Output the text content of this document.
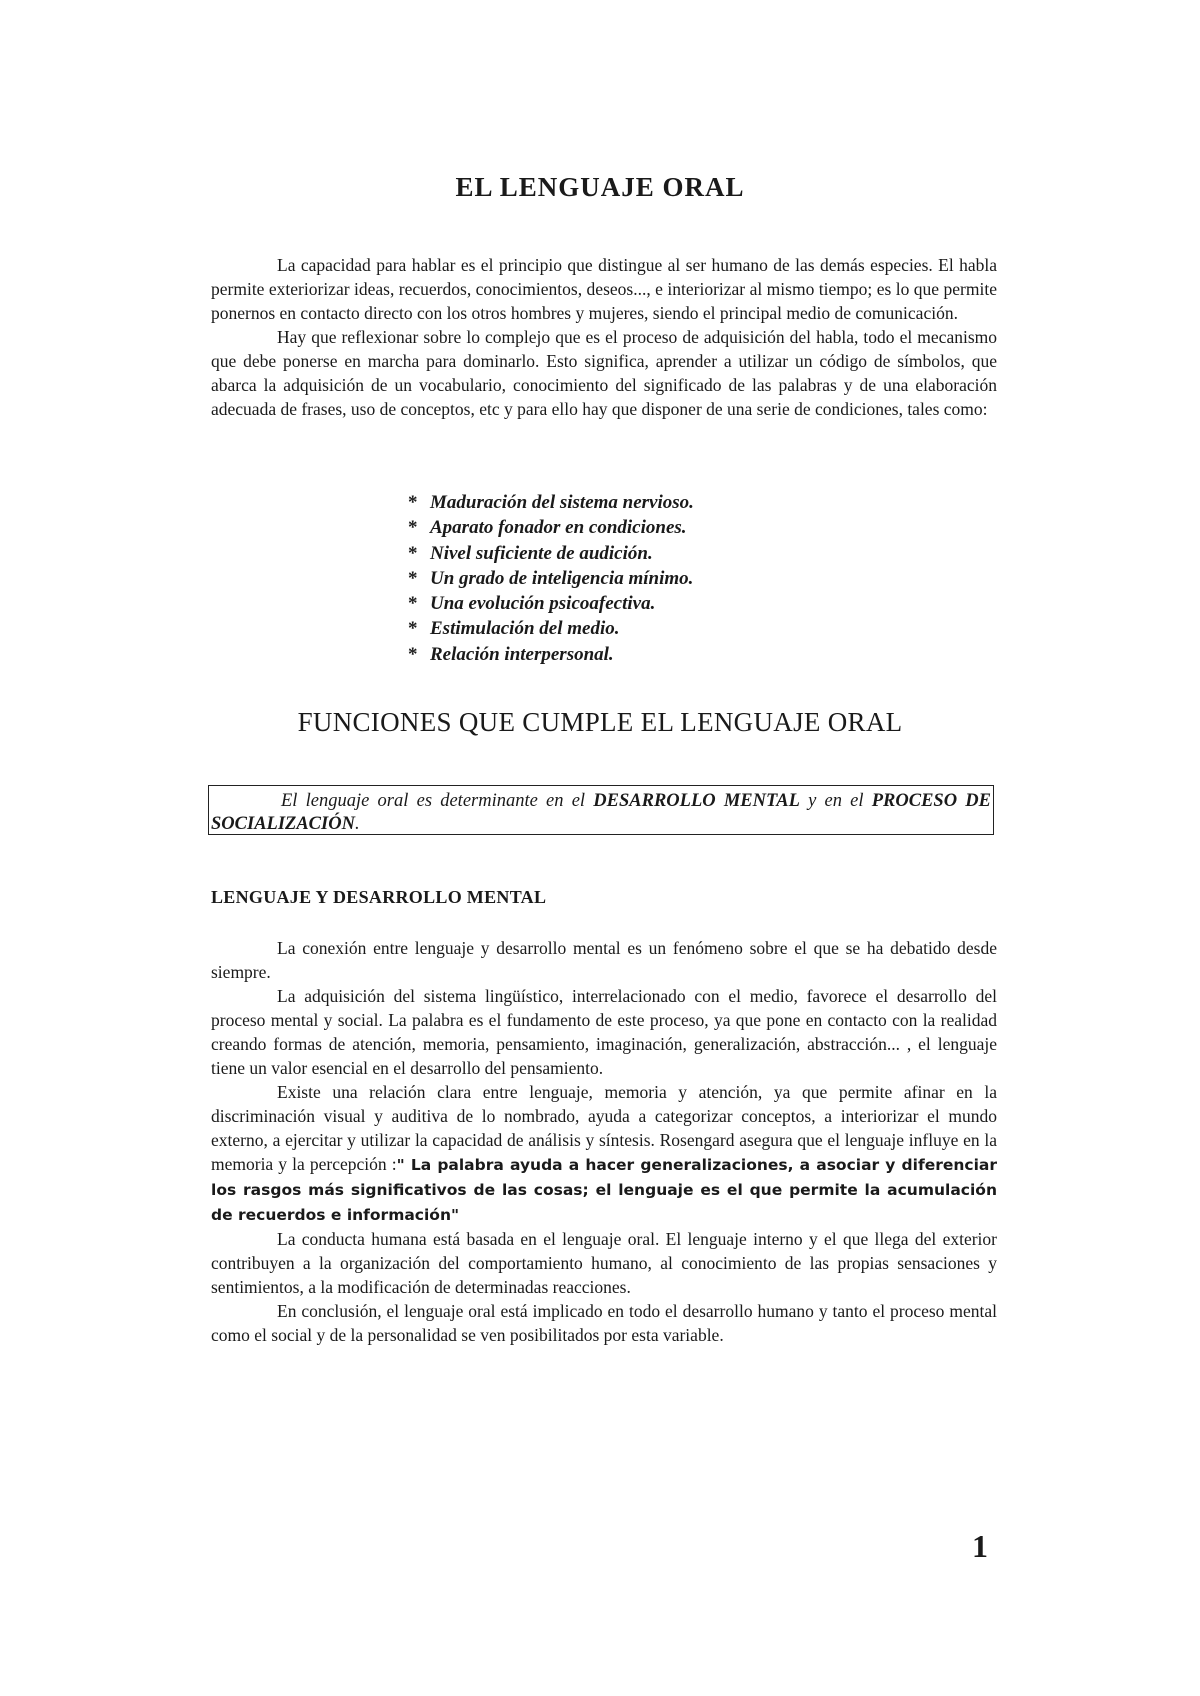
EL LENGUAJE ORAL

La capacidad para hablar es el principio que distingue al ser humano de las demás especies. El habla permite exteriorizar ideas, recuerdos, conocimientos, deseos..., e interiorizar al mismo tiempo; es lo que permite ponernos en contacto directo con los otros hombres y mujeres, siendo el principal medio de comunicación.

Hay que reflexionar sobre lo complejo que es el proceso de adquisición del habla, todo el mecanismo que debe ponerse en marcha para dominarlo. Esto significa, aprender a utilizar un código de símbolos, que abarca la adquisición de un vocabulario, conocimiento del significado de las palabras y de una elaboración adecuada de frases, uso de conceptos, etc y para ello hay que disponer de una serie de condiciones, tales como:

* Maduración del sistema nervioso.
* Aparato fonador en condiciones.
* Nivel suficiente de audición.
* Un grado de inteligencia mínimo.
* Una evolución psicoafectiva.
* Estimulación del medio.
* Relación interpersonal.
FUNCIONES QUE CUMPLE EL LENGUAJE ORAL
El lenguaje oral es determinante en el DESARROLLO MENTAL y en el PROCESO DE SOCIALIZACIÓN.
LENGUAJE Y DESARROLLO MENTAL

La conexión entre lenguaje y desarrollo mental es un fenómeno sobre el que se ha debatido desde siempre.

La adquisición del sistema lingüístico, interrelacionado con el medio, favorece el desarrollo del proceso mental y social. La palabra es el fundamento de este proceso, ya que pone en contacto con la realidad creando formas de atención, memoria, pensamiento, imaginación, generalización, abstracción... , el lenguaje tiene un valor esencial en el desarrollo del pensamiento.

Existe una relación clara entre lenguaje, memoria y atención, ya que permite afinar en la discriminación visual y auditiva de lo nombrado, ayuda a categorizar conceptos, a interiorizar el mundo externo, a ejercitar y utilizar la capacidad de análisis y síntesis. Rosengard asegura que el lenguaje influye en la memoria y la percepción :" La palabra ayuda a hacer generalizaciones, a asociar y diferenciar los rasgos más significativos de las cosas; el lenguaje es el que permite la acumulación de recuerdos e información"

La conducta humana está basada en el lenguaje oral. El lenguaje interno y el que llega del exterior contribuyen a la organización del comportamiento humano, al conocimiento de las propias sensaciones y sentimientos, a la modificación de determinadas reacciones.

En conclusión, el lenguaje oral está implicado en todo el desarrollo humano y tanto el proceso mental como el social y de la personalidad se ven posibilitados por esta variable.

1
